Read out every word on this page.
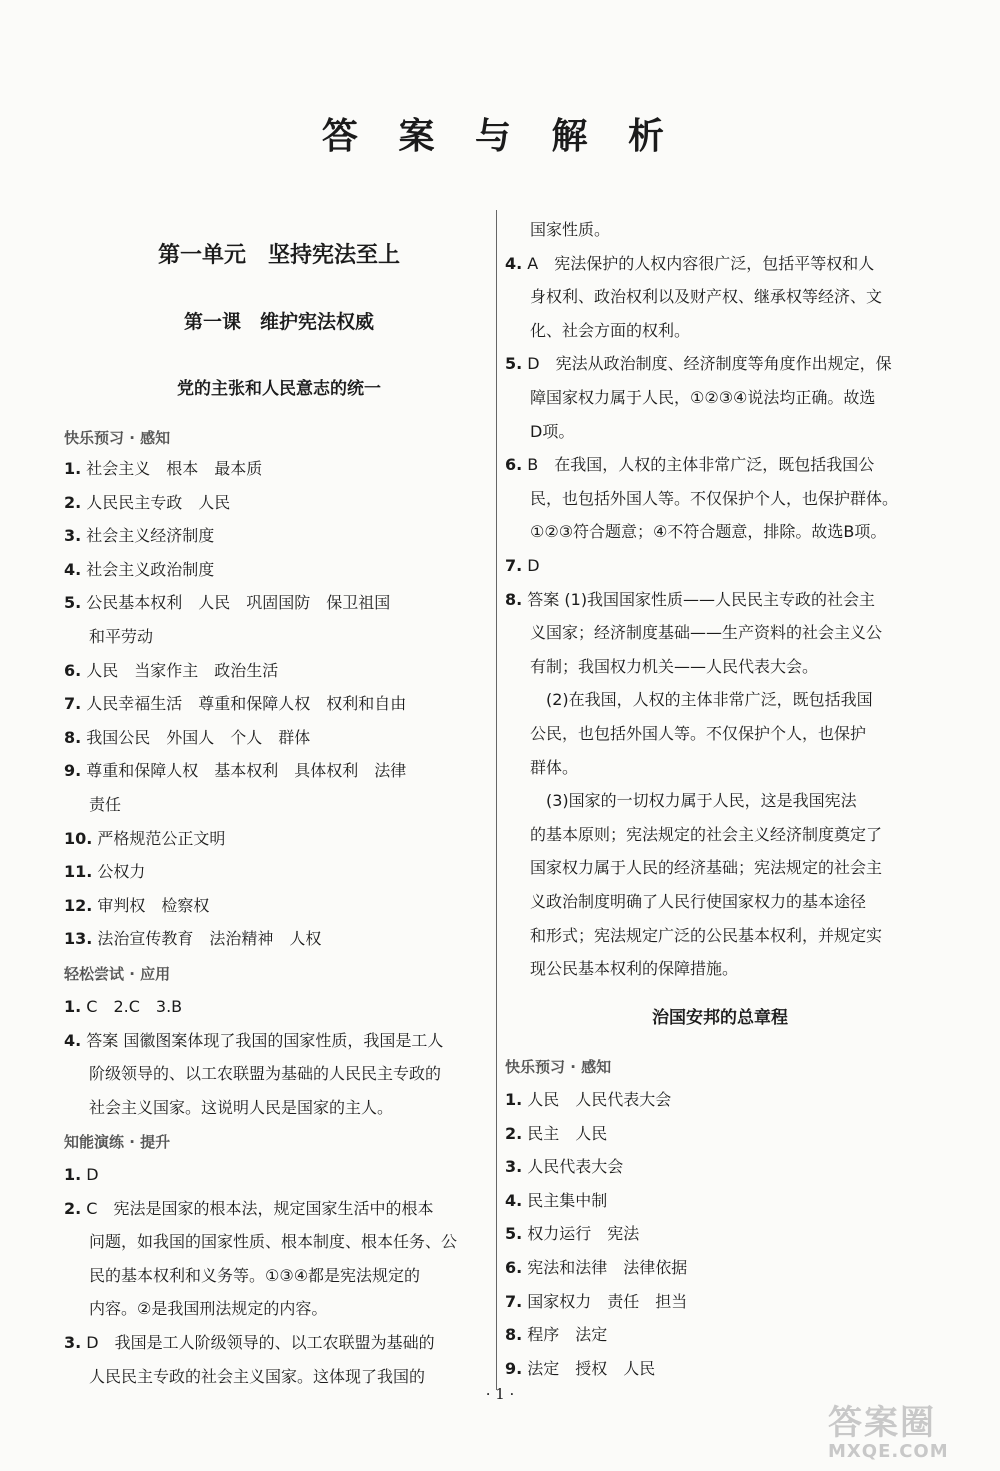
答 案 与 解 析
第一单元　坚持宪法至上
第一课　维护宪法权威
党的主张和人民意志的统一
快乐预习 · 感知
1. 社会主义　根本　最本质
2. 人民民主专政　人民
3. 社会主义经济制度
4. 社会主义政治制度
5. 公民基本权利　人民　巩固国防　保卫祖国
和平劳动
6. 人民　当家作主　政治生活
7. 人民幸福生活　尊重和保障人权　权利和自由
8. 我国公民　外国人　个人　群体
9. 尊重和保障人权　基本权利　具体权利　法律
责任
10. 严格规范公正文明
11. 公权力
12. 审判权　检察权
13. 法治宣传教育　法治精神　人权
轻松尝试 · 应用
1. C　2.C　3.B
4. 答案 国徽图案体现了我国的国家性质，我国是工人
阶级领导的、以工农联盟为基础的人民民主专政的
社会主义国家。这说明人民是国家的主人。
知能演练 · 提升
1. D
2. C　宪法是国家的根本法，规定国家生活中的根本
问题，如我国的国家性质、根本制度、根本任务、公
民的基本权利和义务等。①③④都是宪法规定的
内容。②是我国刑法规定的内容。
3. D　我国是工人阶级领导的、以工农联盟为基础的
人民民主专政的社会主义国家。这体现了我国的
国家性质。
4. A　宪法保护的人权内容很广泛，包括平等权和人
身权利、政治权利以及财产权、继承权等经济、文
化、社会方面的权利。
5. D　宪法从政治制度、经济制度等角度作出规定，保
障国家权力属于人民，①②③④说法均正确。故选
D项。
6. B　在我国，人权的主体非常广泛，既包括我国公
民，也包括外国人等。不仅保护个人，也保护群体。
①②③符合题意；④不符合题意，排除。故选B项。
7. D
8. 答案 (1)我国国家性质——人民民主专政的社会主
义国家；经济制度基础——生产资料的社会主义公
有制；我国权力机关——人民代表大会。
　(2)在我国，人权的主体非常广泛，既包括我国
公民，也包括外国人等。不仅保护个人，也保护
群体。
　(3)国家的一切权力属于人民，这是我国宪法
的基本原则；宪法规定的社会主义经济制度奠定了
国家权力属于人民的经济基础；宪法规定的社会主
义政治制度明确了人民行使国家权力的基本途径
和形式；宪法规定广泛的公民基本权利，并规定实
现公民基本权利的保障措施。
治国安邦的总章程
快乐预习 · 感知
1. 人民　人民代表大会
2. 民主　人民
3. 人民代表大会
4. 民主集中制
5. 权力运行　宪法
6. 宪法和法律　法律依据
7. 国家权力　责任　担当
8. 程序　法定
9. 法定　授权　人民
· 1 ·
答案圈
MXQE.COM
